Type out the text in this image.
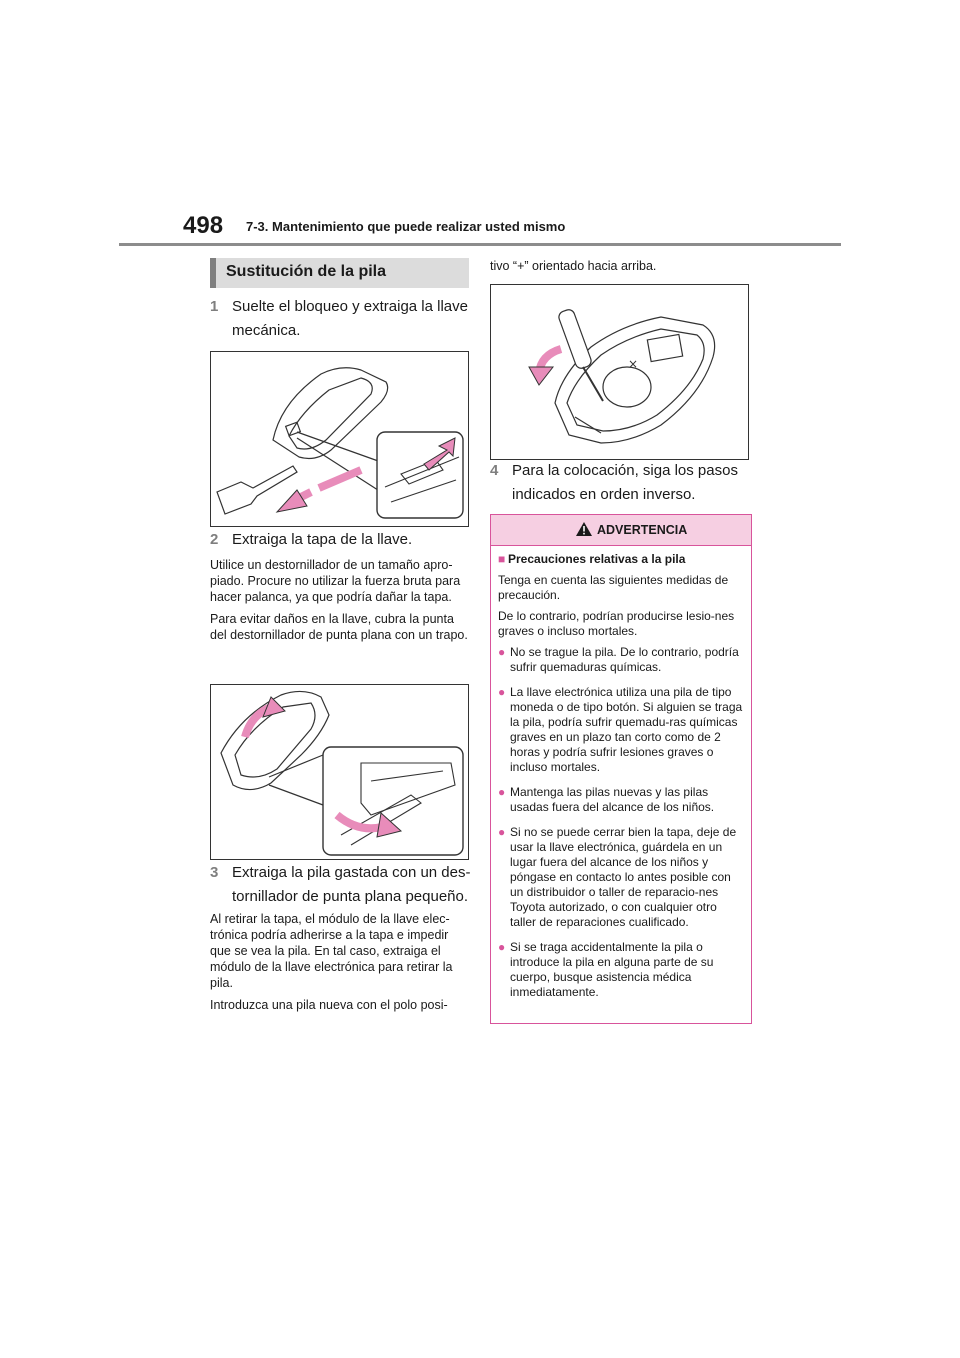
498 7-3. Mantenimiento que puede realizar usted mismo
Sustitución de la pila
1 Suelte el bloqueo y extraiga la llave
mecánica.
2 Extraiga la tapa de la llave.

Utilice un destornillador de un tamaño apro-piado. Procure no utilizar la fuerza bruta para hacer palanca, ya que podría dañar la tapa.

Para evitar daños en la llave, cubra la punta del destornillador de punta plana con un trapo.

3 Extraiga la pila gastada con un des-
tornillador de punta plana pequeño.

Al retirar la tapa, el módulo de la llave elec-trónica podría adherirse a la tapa e impedir que se vea la pila. En tal caso, extraiga el módulo de la llave electrónica para retirar la pila.

Introduzca una pila nueva con el polo posi-

tivo “+” orientado hacia arriba.

×
4 Para la colocación, siga los pasos
indicados en orden inverso.
ADVERTENCIA

■ Precauciones relativas a la pila

Tenga en cuenta las siguientes medidas de precaución.

De lo contrario, podrían producirse lesio-nes graves o incluso mortales.

● No se trague la pila. De lo contrario, podría sufrir quemaduras químicas.
● La llave electrónica utiliza una pila de tipo moneda o de tipo botón. Si alguien se traga la pila, podría sufrir quemadu-ras químicas graves en un plazo tan corto como de 2 horas y podría sufrir lesiones graves o incluso mortales.
● Mantenga las pilas nuevas y las pilas usadas fuera del alcance de los niños.
● Si no se puede cerrar bien la tapa, deje de usar la llave electrónica, guárdela en un lugar fuera del alcance de los niños y póngase en contacto lo antes posible con un distribuidor o taller de reparacio-nes Toyota autorizado, o con cualquier otro taller de reparaciones cualificado.
● Si se traga accidentalmente la pila o introduce la pila en alguna parte de su cuerpo, busque asistencia médica inmediatamente.
